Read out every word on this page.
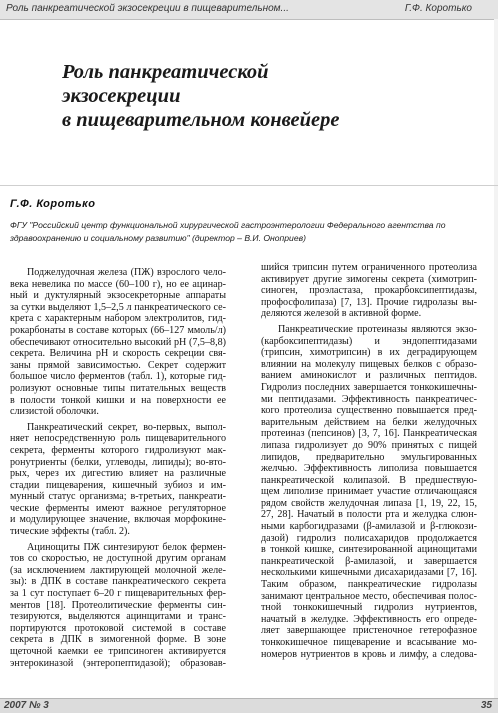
Роль панкреатической экзосекреции в пищеварительном...	Г.Ф. Коротько
Роль панкреатической
экзосекреции
в пищеварительном конвейере
Г.Ф. Коротько
ФГУ "Российский центр функциональной хирургической гастроэнтерологии Федерального агентства по
здравоохранению и социальному развитию" (директор – В.И. Оноприев)
Поджелудочная железа (ПЖ) взрослого чело-
века невелика по массе (60–100 г), но ее ацинар-
ный и дуктулярный экзосекреторные аппараты
за сутки выделяют 1,5–2,5 л панкреатического се-
крета с характерным набором электролитов, гид-
рокарбонаты в составе которых (66–127 ммоль/л)
обеспечивают относительно высокий рН (7,5–8,8)
секрета. Величина рН и скорость секреции свя-
заны прямой зависимостью. Секрет содержит
большое число ферментов (табл. 1), которые гид-
ролизуют основные типы питательных веществ
в полости тонкой кишки и на поверхности ее
слизистой оболочки.
Панкреатический секрет, во-первых, выпол-
няет непосредственную роль пищеварительного
секрета, ферменты которого гидролизуют мак-
ронутриенты (белки, углеводы, липиды); во-вто-
рых, через их дигестию влияет на различные
стадии пищеварения, кишечный зубиоз и им-
мунный статус организма; в-третьих, панкреати-
ческие ферменты имеют важное регуляторное
и модулирующее значение, включая морфокине-
тические эффекты (табл. 2).
Ацинощиты ПЖ синтезируют белок фермен-
тов со скоростью, не доступной другим органам
(за исключением лактирующей молочной желе-
зы): в ДПК в составе панкреатического секрета
за 1 сут поступает 6–20 г пищеварительных фер-
ментов [18]. Протеолитические ферменты син-
тезируются, выделяются ацинщитами и транс-
портируются протоковой системой в составе
секрета в ДПК в зимогенной форме. В зоне
щеточной каемки ее трипсиноген активируется
энтерокиназой (энтеропептидазой); образовав-
шийся трипсин путем ограниченного протеолиза
активирует другие зимогены секрета (химотрип-
синоген, проэластаза, прокарбоксипептидазы,
профосфолипаза) [7, 13]. Прочие гидролазы вы-
деляются железой в активной форме.
Панкреатические протеиназы являются экзо-
(карбоксипептидазы) и эндопептидазами
(трипсин, химотрипсин) в их деградирующем
влиянии на молекулу пищевых белков с образо-
ванием аминокислот и различных пептидов.
Гидролиз последних завершается тонкокишечны-
ми пептидазами. Эффективность панкреатичес-
кого протеолиза существенно повышается пред-
варительным действием на белки желудочных
протеиназ (пепсинов) [3, 7, 16]. Панкреатическая
липаза гидролизует до 90% принятых с пищей
липидов, предварительно эмульгированных
желчью. Эффективность липолиза повышается
панкреатической колипазой. В предшествую-
щем липолизе принимает участие отличающаяся
рядом свойств желудочная липаза [1, 19, 22, 15,
27, 28]. Начатый в полости рта и желудка слюн-
ными карбогидразами (β-амилазой и β-глюкози-
дазой) гидролиз полисахаридов продолжается
в тонкой кишке, синтезированной ацинощитами
панкреатической β-амилазой, и завершается
несколькими кишечными дисахаридазами [7, 16].
Таким образом, панкреатические гидролазы
занимают центральное место, обеспечивая полос-
тной тонкокишечный гидролиз нутриентов,
начатый в желудке. Эффективность его опреде-
ляет завершающее пристеночное гетерофазное
тонкокишечное пищеварение и всасывание мо-
номеров нутриентов в кровь и лимфу, а следова-
2007 № 3	35
